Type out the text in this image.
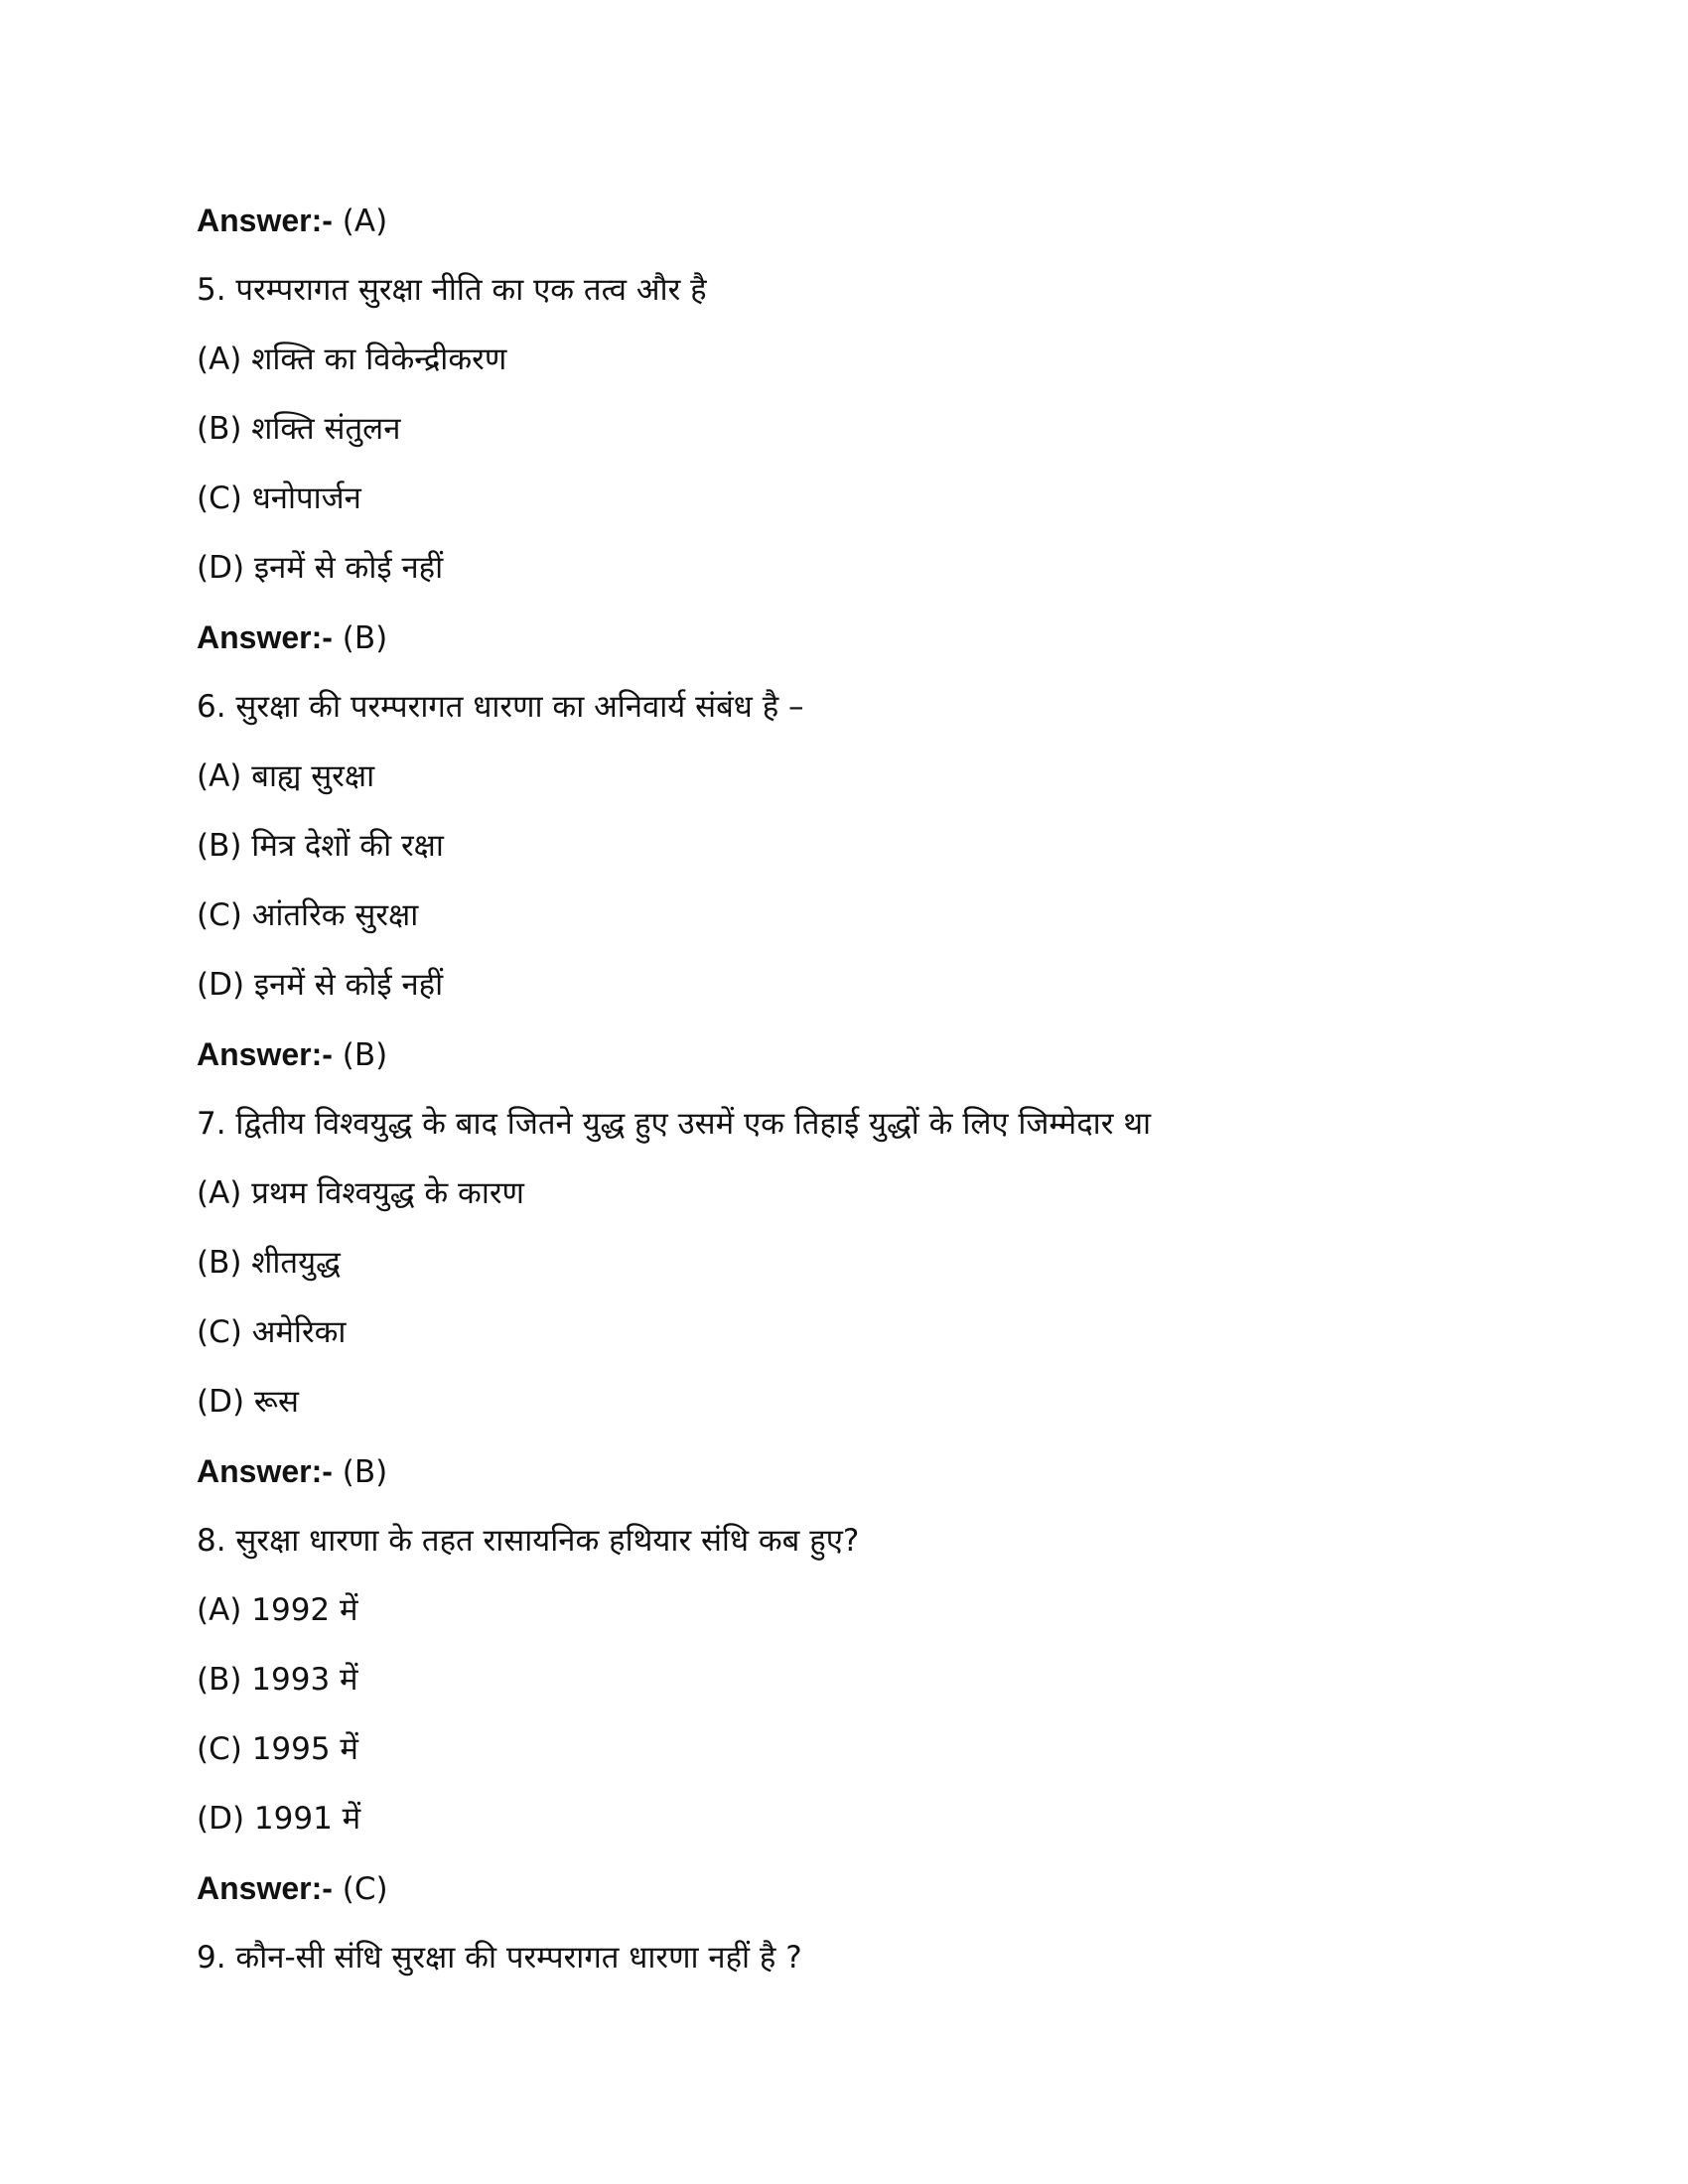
Answer:- (A)
5. परम्परागत सुरक्षा नीति का एक तत्व और है
(A) शक्ति का विकेन्द्रीकरण
(B) शक्ति संतुलन
(C) धनोपार्जन
(D) इनमें से कोई नहीं
Answer:- (B)
6. सुरक्षा की परम्परागत धारणा का अनिवार्य संबंध है –
(A) बाह्य सुरक्षा
(B) मित्र देशों की रक्षा
(C) आंतरिक सुरक्षा
(D) इनमें से कोई नहीं
Answer:- (B)
7. द्वितीय विश्वयुद्ध के बाद जितने युद्ध हुए उसमें एक तिहाई युद्धों के लिए जिम्मेदार था
(A) प्रथम विश्वयुद्ध के कारण
(B) शीतयुद्ध
(C) अमेरिका
(D) रूस
Answer:- (B)
8. सुरक्षा धारणा के तहत रासायनिक हथियार संधि कब हुए?
(A) 1992 में
(B) 1993 में
(C) 1995 में
(D) 1991 में
Answer:- (C)
9. कौन-सी संधि सुरक्षा की परम्परागत धारणा नहीं है ?
